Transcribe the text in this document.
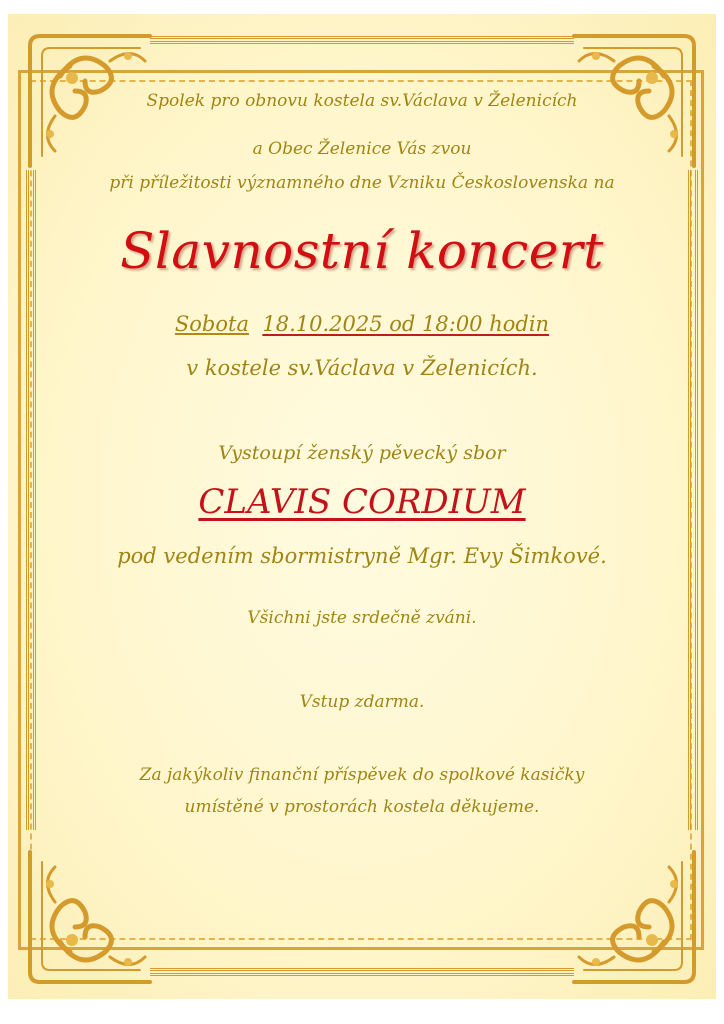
Spolek pro obnovu kostela sv.Václava v Želenicích
a Obec Želenice Vás zvou
při příležitosti významného dne Vzniku Československa na
Slavnostní koncert
Sobota 18.10.2025 od 18:00 hodin
v kostele sv.Václava v Želenicích.
Vystoupí ženský pěvecký sbor
CLAVIS CORDIUM
pod vedením sbormistryně Mgr. Evy Šimkové.
Všichni jste srdečně zváni.
Vstup zdarma.
Za jakýkoliv finanční příspěvek do spolkové kasičky
umístěné v prostorách kostela děkujeme.
